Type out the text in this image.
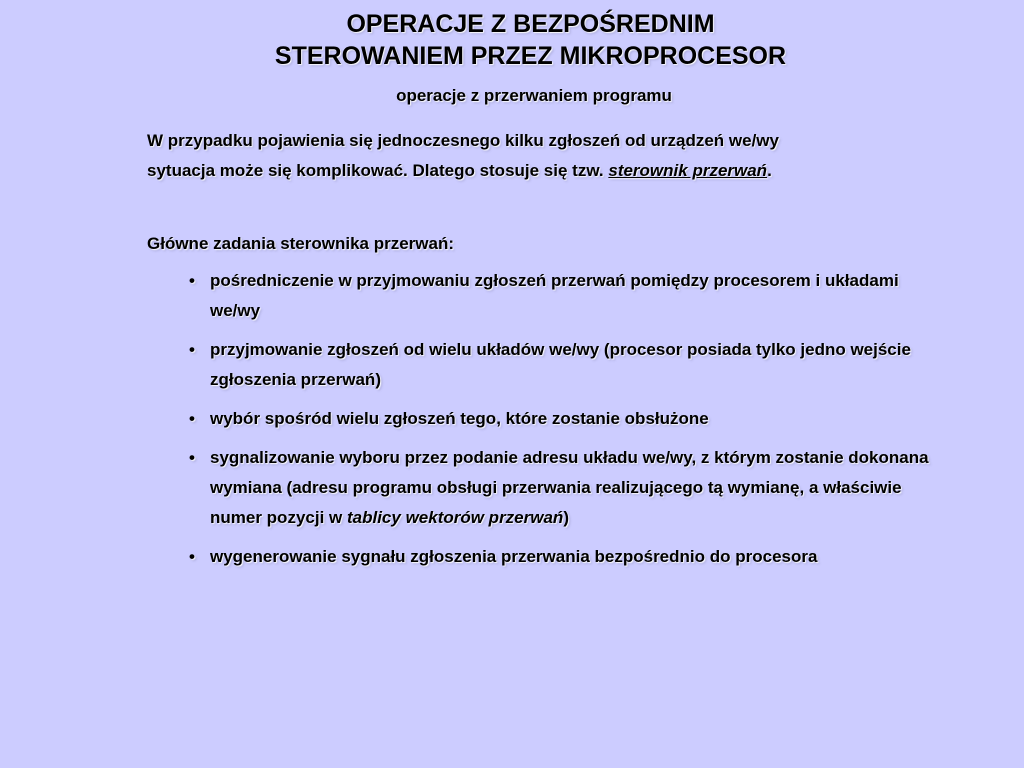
OPERACJE Z BEZPOŚREDNIM
STEROWANIEM PRZEZ MIKROPROCESOR
operacje z przerwaniem programu
W przypadku pojawienia się jednoczesnego kilku zgłoszeń od urządzeń we/wy
sytuacja może się komplikować. Dlatego stosuje się tzw. sterownik przerwań.
Główne zadania sterownika przerwań:
• pośredniczenie w przyjmowaniu zgłoszeń przerwań pomiędzy procesorem i układami we/wy
• przyjmowanie zgłoszeń od wielu układów we/wy (procesor posiada tylko jedno wejście zgłoszenia przerwań)
• wybór spośród wielu zgłoszeń tego, które zostanie obsłużone
• sygnalizowanie wyboru przez podanie adresu układu we/wy, z którym zostanie dokonana wymiana (adresu programu obsługi przerwania realizującego tą wymianę, a właściwie numer pozycji w tablicy wektorów przerwań)
• wygenerowanie sygnału zgłoszenia przerwania bezpośrednio do procesora
